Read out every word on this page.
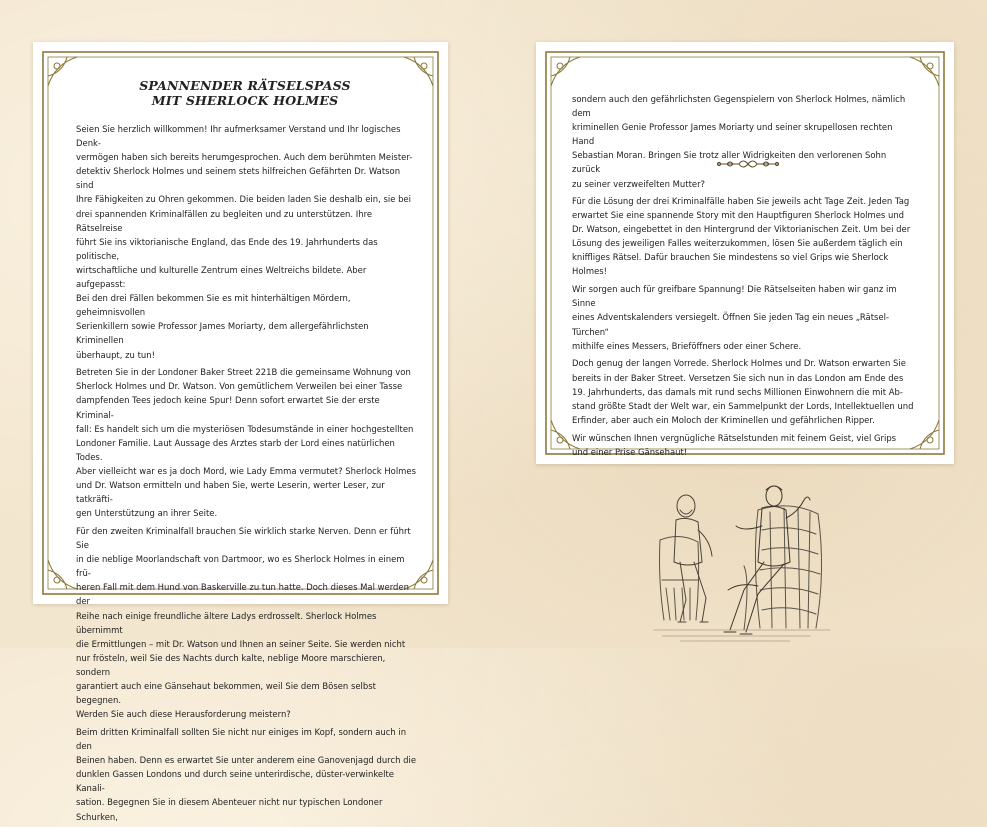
SPANNENDER RÄTSELSPASS
MIT SHERLOCK HOLMES

Seien Sie herzlich willkommen! Ihr aufmerksamer Verstand und Ihr logisches Denk-
vermögen haben sich bereits herumgesprochen. Auch dem berühmten Meister-
detektiv Sherlock Holmes und seinem stets hilfreichen Gefährten Dr. Watson sind
Ihre Fähigkeiten zu Ohren gekommen. Die beiden laden Sie deshalb ein, sie bei
drei spannenden Kriminalfällen zu begleiten und zu unterstützen. Ihre Rätselreise
führt Sie ins viktorianische England, das Ende des 19. Jahrhunderts das politische,
wirtschaftliche und kulturelle Zentrum eines Weltreichs bildete. Aber aufgepasst:
Bei den drei Fällen bekommen Sie es mit hinterhältigen Mördern, geheimnisvollen
Serienkillern sowie Professor James Moriarty, dem allergefährlichsten Kriminellen
überhaupt, zu tun!

Betreten Sie in der Londoner Baker Street 221B die gemeinsame Wohnung von
Sherlock Holmes und Dr. Watson. Von gemütlichem Verweilen bei einer Tasse
dampfenden Tees jedoch keine Spur! Denn sofort erwartet Sie der erste Kriminal-
fall: Es handelt sich um die mysteriösen Todesumstände in einer hochgestellten
Londoner Familie. Laut Aussage des Arztes starb der Lord eines natürlichen Todes.
Aber vielleicht war es ja doch Mord, wie Lady Emma vermutet? Sherlock Holmes
und Dr. Watson ermitteln und haben Sie, werte Leserin, werter Leser, zur tatkräfti-
gen Unterstützung an ihrer Seite.

Für den zweiten Kriminalfall brauchen Sie wirklich starke Nerven. Denn er führt Sie
in die neblige Moorlandschaft von Dartmoor, wo es Sherlock Holmes in einem frü-
heren Fall mit dem Hund von Baskerville zu tun hatte. Doch dieses Mal werden der
Reihe nach einige freundliche ältere Ladys erdrosselt. Sherlock Holmes übernimmt
die Ermittlungen – mit Dr. Watson und Ihnen an seiner Seite. Sie werden nicht
nur frösteln, weil Sie des Nachts durch kalte, neblige Moore marschieren, sondern
garantiert auch eine Gänsehaut bekommen, weil Sie dem Bösen selbst begegnen.
Werden Sie auch diese Herausforderung meistern?

Beim dritten Kriminalfall sollten Sie nicht nur einiges im Kopf, sondern auch in den
Beinen haben. Denn es erwartet Sie unter anderem eine Ganovenjagd durch die
dunklen Gassen Londons und durch seine unterirdische, düster-verwinkelte Kanali-
sation. Begegnen Sie in diesem Abenteuer nicht nur typischen Londoner Schurken,

sondern auch den gefährlichsten Gegenspielern von Sherlock Holmes, nämlich dem
kriminellen Genie Professor James Moriarty und seiner skrupellosen rechten Hand
Sebastian Moran. Bringen Sie trotz aller Widrigkeiten den verlorenen Sohn zurück
zu seiner verzweifelten Mutter?

Für die Lösung der drei Kriminalfälle haben Sie jeweils acht Tage Zeit. Jeden Tag
erwartet Sie eine spannende Story mit den Hauptfiguren Sherlock Holmes und
Dr. Watson, eingebettet in den Hintergrund der Viktorianischen Zeit. Um bei der
Lösung des jeweiligen Falles weiterzukommen, lösen Sie außerdem täglich ein
kniffliges Rätsel. Dafür brauchen Sie mindestens so viel Grips wie Sherlock Holmes!

Wir sorgen auch für greifbare Spannung! Die Rätselseiten haben wir ganz im Sinne
eines Adventskalenders versiegelt. Öffnen Sie jeden Tag ein neues „Rätsel-Türchen“
mithilfe eines Messers, Brieföffners oder einer Schere.

Doch genug der langen Vorrede. Sherlock Holmes und Dr. Watson erwarten Sie
bereits in der Baker Street. Versetzen Sie sich nun in das London am Ende des
19. Jahrhunderts, das damals mit rund sechs Millionen Einwohnern die mit Ab-
stand größte Stadt der Welt war, ein Sammelpunkt der Lords, Intellektuellen und
Erfinder, aber auch ein Moloch der Kriminellen und gefährlichen Ripper.

Wir wünschen Ihnen vergnügliche Rätselstunden mit feinem Geist, viel Grips
und einer Prise Gänsehaut!
